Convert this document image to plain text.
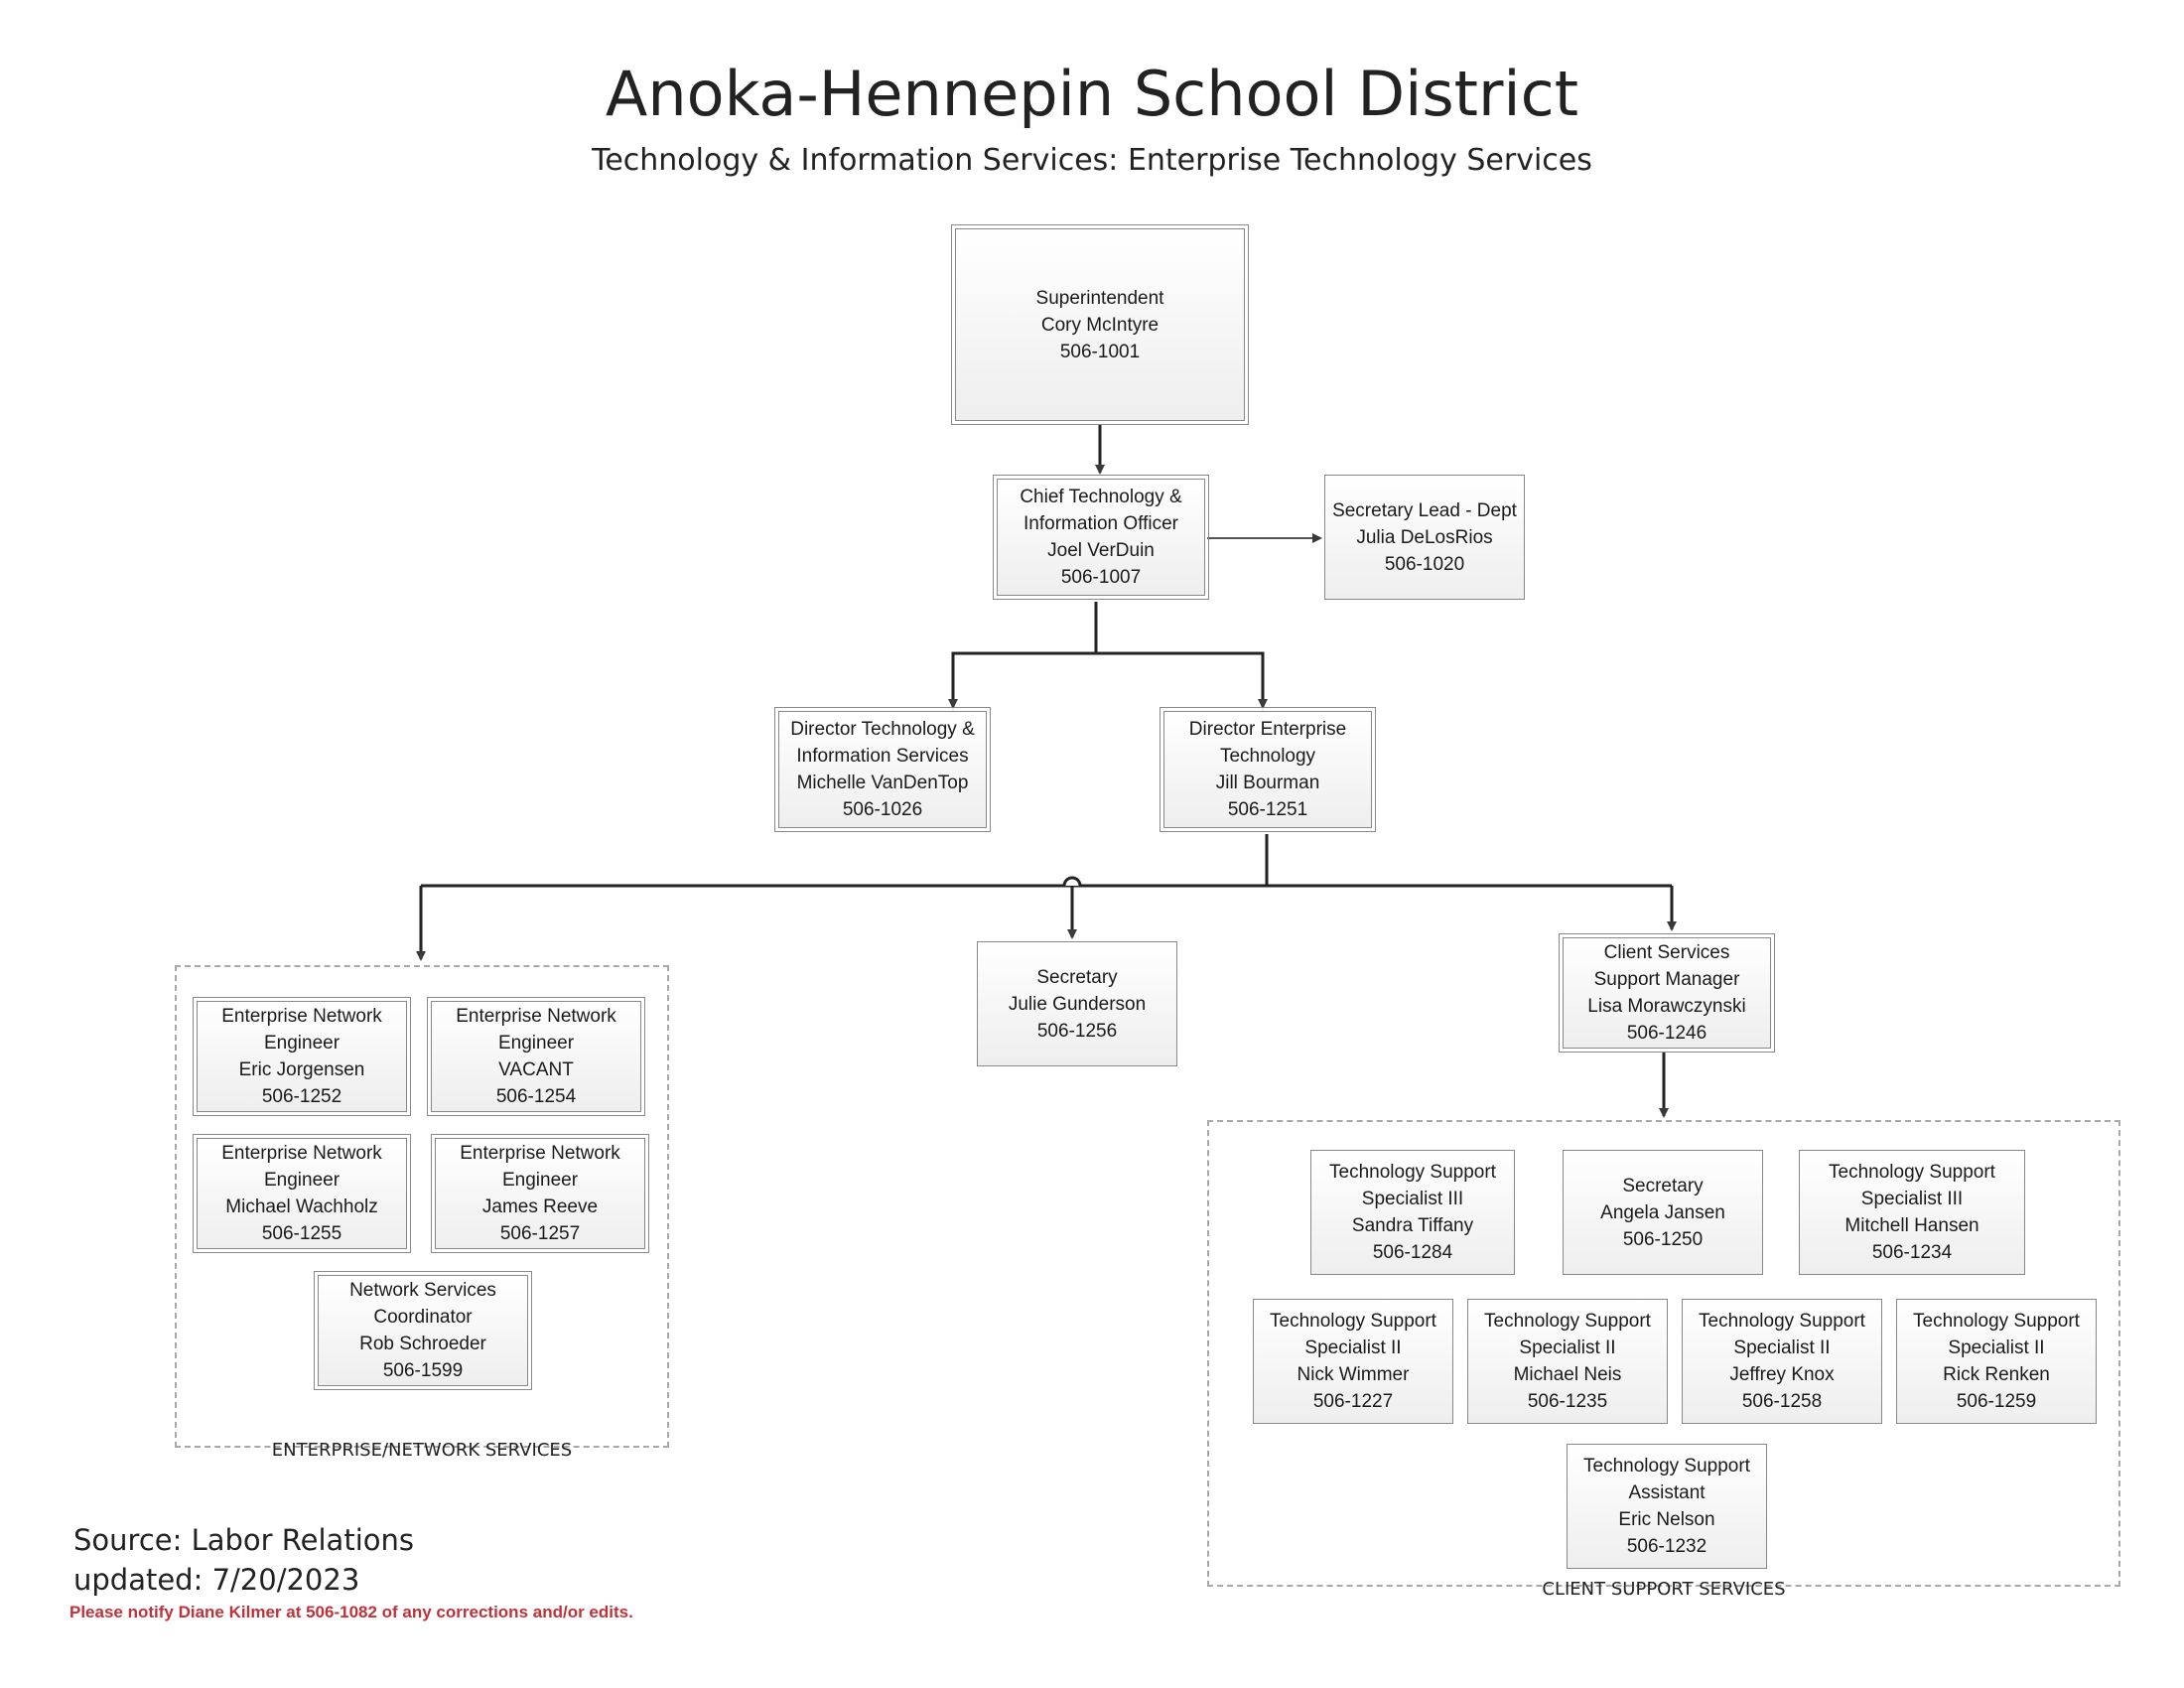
Anoka-Hennepin School District
Technology & Information Services: Enterprise Technology Services
Superintendent
Cory McIntyre
506-1001
Chief Technology &
Information Officer
Joel VerDuin
506-1007
Secretary Lead - Dept
Julia DeLosRios
506-1020
Director Technology &
Information Services
Michelle VanDenTop
506-1026
Director Enterprise
Technology
Jill Bourman
506-1251
Secretary
Julie Gunderson
506-1256
Client Services
Support Manager
Lisa Morawczynski
506-1246
Enterprise Network
Engineer
Eric Jorgensen
506-1252
Enterprise Network
Engineer
VACANT
506-1254
Enterprise Network
Engineer
Michael Wachholz
506-1255
Enterprise Network
Engineer
James Reeve
506-1257
Network Services
Coordinator
Rob Schroeder
506-1599
ENTERPRISE/NETWORK SERVICES
Technology Support
Specialist III
Sandra Tiffany
506-1284
Secretary
Angela Jansen
506-1250
Technology Support
Specialist III
Mitchell Hansen
506-1234
Technology Support
Specialist II
Nick Wimmer
506-1227
Technology Support
Specialist II
Michael Neis
506-1235
Technology Support
Specialist II
Jeffrey Knox
506-1258
Technology Support
Specialist II
Rick Renken
506-1259
Technology Support
Assistant
Eric Nelson
506-1232
CLIENT SUPPORT SERVICES
Source: Labor Relations
updated: 7/20/2023
Please notify Diane Kilmer at 506-1082 of any corrections and/or edits.
